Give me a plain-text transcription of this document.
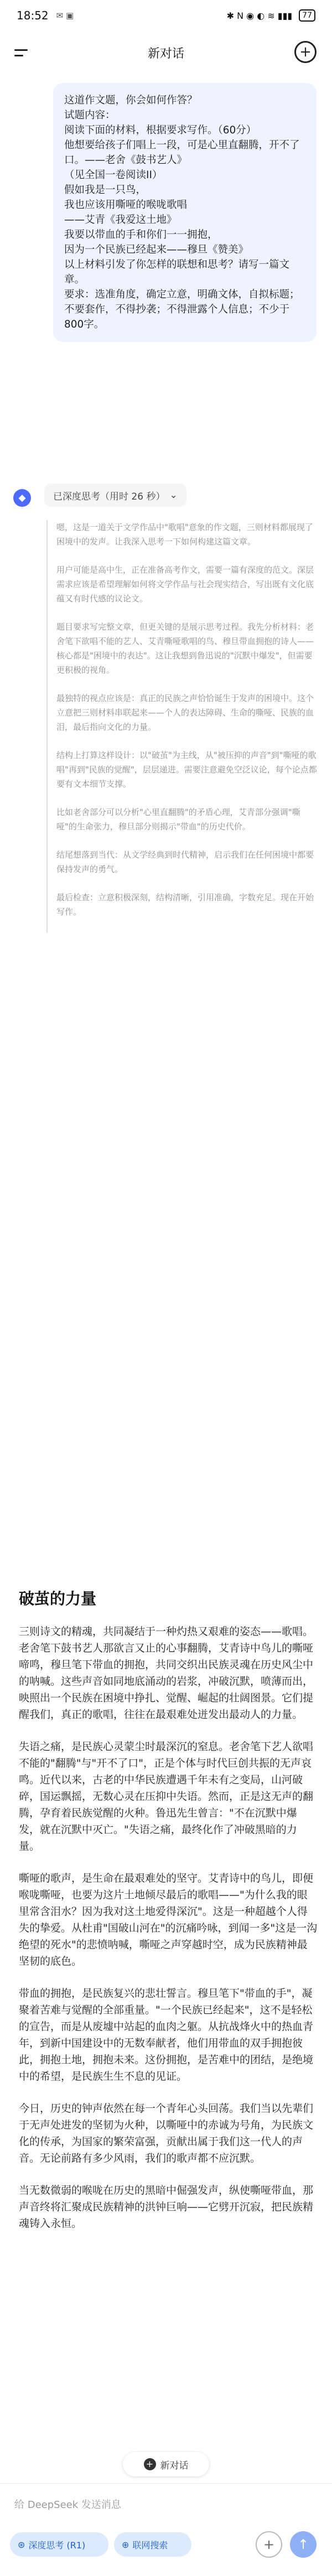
18:52 ✉ ▣	✱ N ◉ ◐ ≋ ▮▮▮	77
新对话	+

这道作文题，你会如何作答？

试题内容：

阅读下面的材料，根据要求写作。（60分）

他想要给孩子们唱上一段，可是心里直翻腾，开不了口。——老舍《鼓书艺人》

（见全国一卷阅读II）

假如我是一只鸟，

我也应该用嘶哑的喉咙歌唱

——艾青《我爱这土地》

我要以带血的手和你们一一拥抱，

因为一个民族已经起来——穆旦《赞美》

以上材料引发了你怎样的联想和思考？请写一篇文章。

要求：选准角度，确定立意，明确文体，自拟标题；不要套作，不得抄袭；不得泄露个人信息；不少于800字。

◆	已深度思考（用时 26 秒） ⌄

嗯，这是一道关于文学作品中"歌唱"意象的作文题，三则材料都展现了困境中的发声。让我深入思考一下如何构建这篇文章。

用户可能是高中生，正在准备高考作文，需要一篇有深度的范文。深层需求应该是希望理解如何将文学作品与社会现实结合，写出既有文化底蕴又有时代感的议论文。

题目要求写完整文章，但更关键的是展示思考过程。我先分析材料：老舍笔下欲唱不能的艺人、艾青嘶哑歌唱的鸟、穆旦带血拥抱的诗人——核心都是"困境中的表达"。这让我想到鲁迅说的"沉默中爆发"，但需要更积极的视角。

最独特的视点应该是：真正的民族之声恰恰诞生于发声的困境中。这个立意把三则材料串联起来——个人的表达障碍、生命的嘶哑、民族的血泪，最后指向文化的力量。

结构上打算这样设计：以"破茧"为主线，从"被压抑的声音"到"嘶哑的歌唱"再到"民族的觉醒"，层层递进。需要注意避免空泛议论，每个论点都要有文本细节支撑。

比如老舍部分可以分析"心里直翻腾"的矛盾心理，艾青部分强调"嘶哑"的生命张力，穆旦部分则揭示"带血"的历史代价。

结尾想落到当代：从文学经典到时代精神，启示我们在任何困境中都要保持发声的勇气。

最后检查：立意积极深刻，结构清晰，引用准确，字数充足。现在开始写作。

破茧的力量

三则诗文的精魂，共同凝结于一种灼热又艰难的姿态——歌唱。老舍笔下鼓书艺人那欲言又止的心事翻腾，艾青诗中鸟儿的嘶哑啼鸣，穆旦笔下带血的拥抱，共同交织出民族灵魂在历史风尘中的呐喊。这些声音如同地底涌动的岩浆，冲破沉默，喷薄而出，映照出一个民族在困境中挣扎、觉醒、崛起的壮阔图景。它们提醒我们，真正的歌唱，往往在最艰难处迸发出最动人的力量。

失语之痛，是民族心灵蒙尘时最深沉的窒息。老舍笔下艺人欲唱不能的"翻腾"与"开不了口"，正是个体与时代巨创共振的无声哀鸣。近代以来，古老的中华民族遭遇千年未有之变局，山河破碎，国运飘摇，无数心灵在压抑中失语。然而，正是这无声的翻腾，孕育着民族觉醒的火种。鲁迅先生曾言："不在沉默中爆发，就在沉默中灭亡。"失语之痛，最终化作了冲破黑暗的力量。

嘶哑的歌声，是生命在最艰难处的坚守。艾青诗中的鸟儿，即便喉咙嘶哑，也要为这片土地倾尽最后的歌唱——"为什么我的眼里常含泪水？因为我对这土地爱得深沉"。这是一种超越个人得失的挚爱。从杜甫"国破山河在"的沉痛吟咏，到闻一多"这是一沟绝望的死水"的悲愤呐喊，嘶哑之声穿越时空，成为民族精神最坚韧的底色。

带血的拥抱，是民族复兴的悲壮誓言。穆旦笔下"带血的手"，凝聚着苦难与觉醒的全部重量。"一个民族已经起来"，这不是轻松的宣告，而是从废墟中站起的血肉之躯。从抗战烽火中的热血青年，到新中国建设中的无数奉献者，他们用带血的双手拥抱彼此，拥抱土地，拥抱未来。这份拥抱，是苦难中的团结，是绝境中的希望，是民族生生不息的见证。

今日，历史的钟声依然在每一个青年心头回荡。我们当以先辈们于无声处进发的坚韧为火种，以嘶哑中的赤诚为号角，为民族文化的传承，为国家的繁荣富强，贡献出属于我们这一代人的声音。无论前路有多少风雨，我们的歌声都不应沉默。

当无数微弱的喉咙在历史的黑暗中倔强发声，纵使嘶哑带血，那声音终将汇聚成民族精神的洪钟巨响——它劈开沉寂，把民族精魂铸入永恒。

+ 新对话
给 DeepSeek 发送消息
⊛ 深度思考 (R1)	⊕ 联网搜索	+	↑
